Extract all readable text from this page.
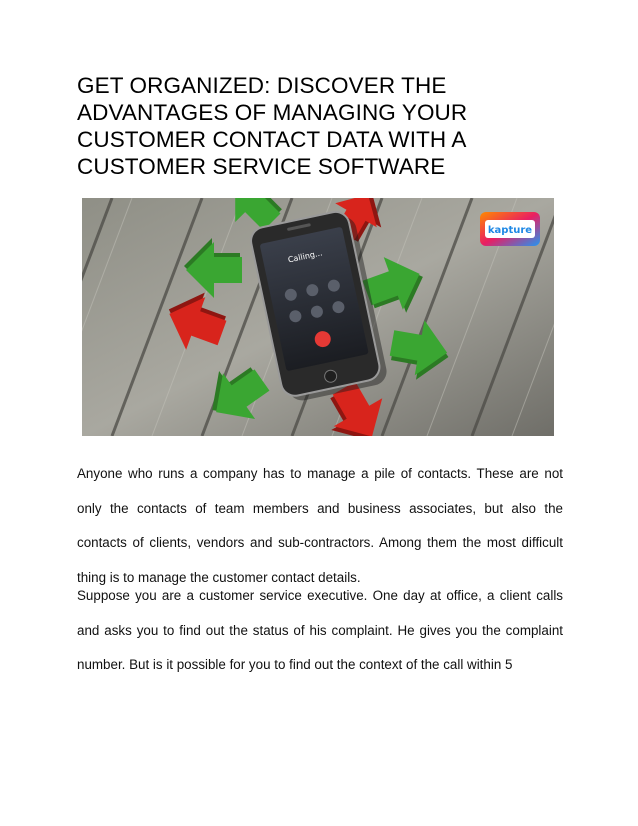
GET ORGANIZED: DISCOVER THE ADVANTAGES OF MANAGING YOUR CUSTOMER CONTACT DATA WITH A CUSTOMER SERVICE SOFTWARE
Calling...
kapture

Anyone who runs a company has to manage a pile of contacts. These are not only the contacts of team members and business associates, but also the contacts of clients, vendors and sub-contractors. Among them the most difficult thing is to manage the customer contact details.

Suppose you are a customer service executive. One day at office, a client calls and asks you to find out the status of his complaint. He gives you the complaint number. But is it possible for you to find out the context of the call within 5
